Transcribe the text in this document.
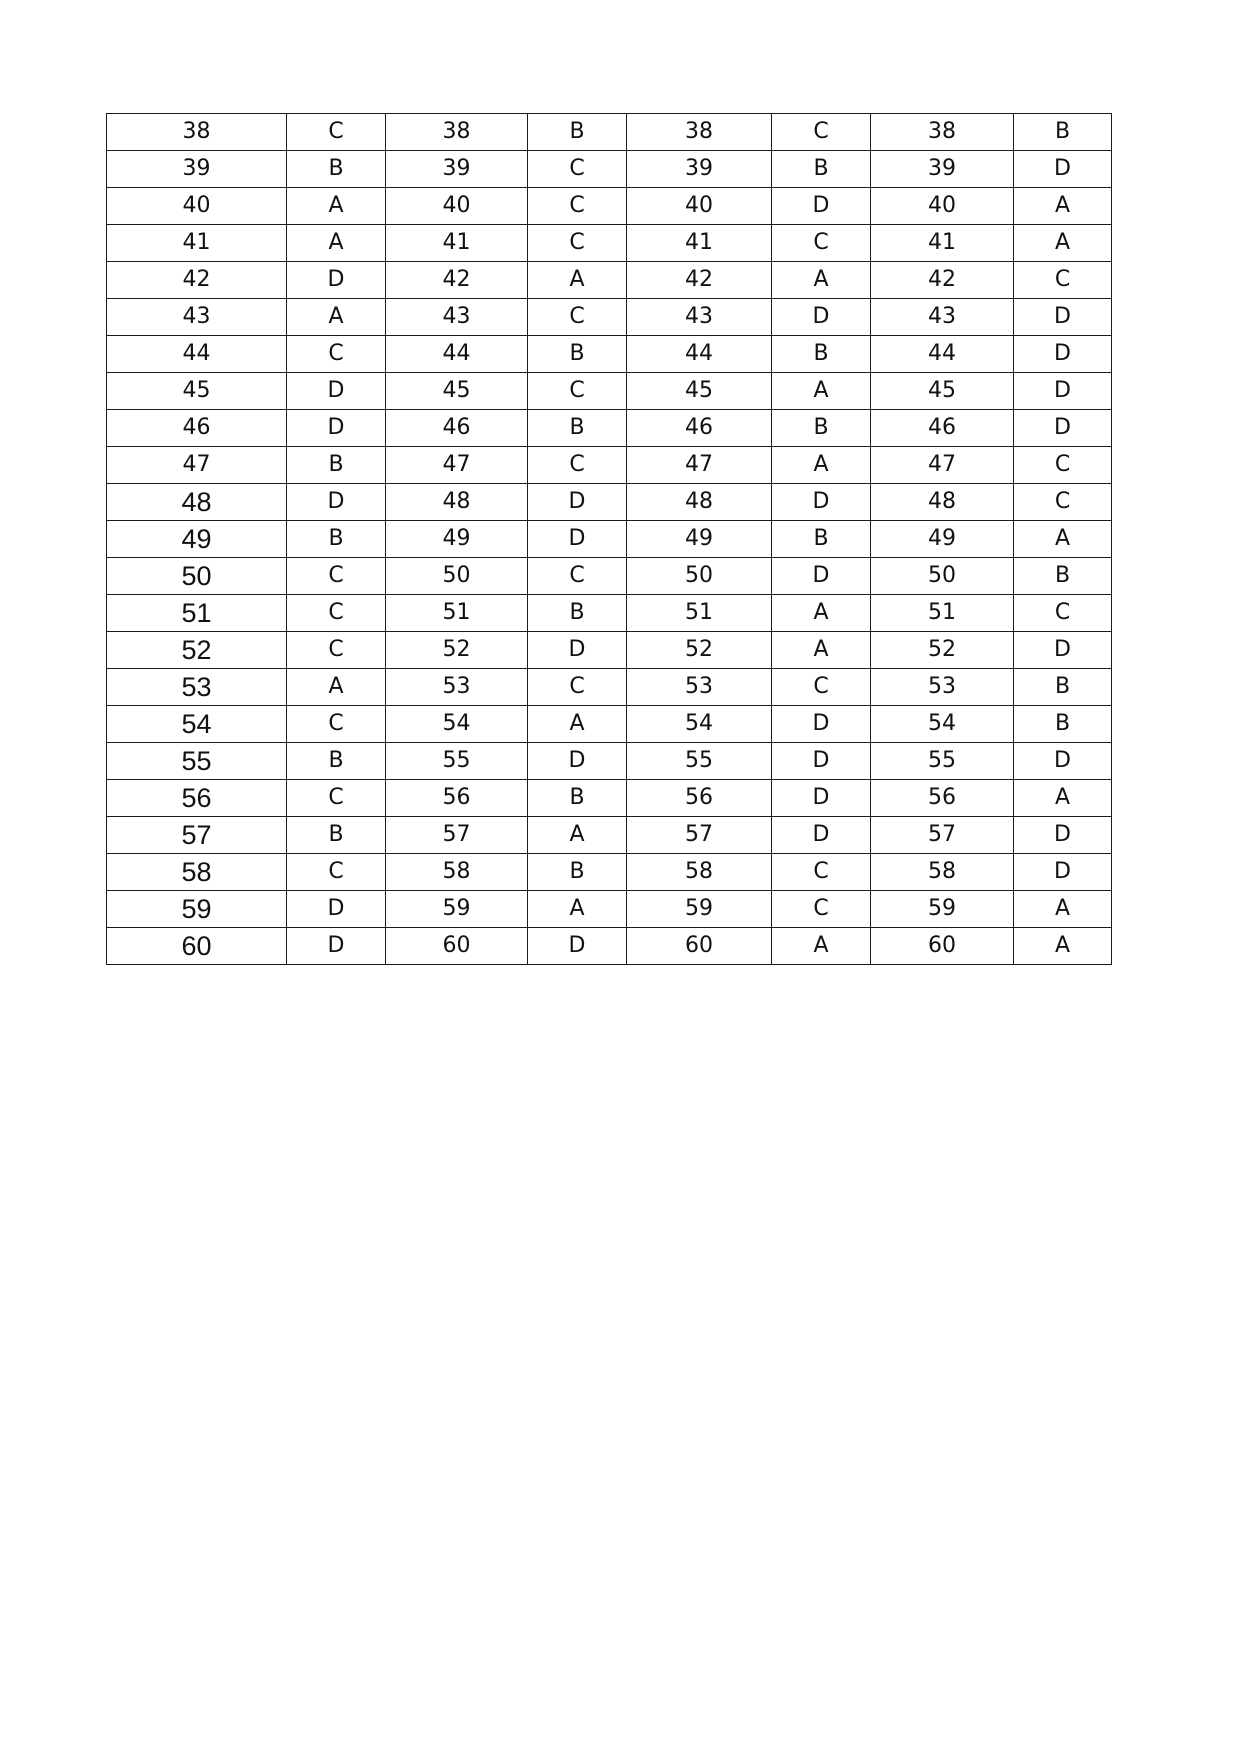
38	C	38	B	38	C	38	B
39	B	39	C	39	B	39	D
40	A	40	C	40	D	40	A
41	A	41	C	41	C	41	A
42	D	42	A	42	A	42	C
43	A	43	C	43	D	43	D
44	C	44	B	44	B	44	D
45	D	45	C	45	A	45	D
46	D	46	B	46	B	46	D
47	B	47	C	47	A	47	C
48	D	48	D	48	D	48	C
49	B	49	D	49	B	49	A
50	C	50	C	50	D	50	B
51	C	51	B	51	A	51	C
52	C	52	D	52	A	52	D
53	A	53	C	53	C	53	B
54	C	54	A	54	D	54	B
55	B	55	D	55	D	55	D
56	C	56	B	56	D	56	A
57	B	57	A	57	D	57	D
58	C	58	B	58	C	58	D
59	D	59	A	59	C	59	A
60	D	60	D	60	A	60	A
